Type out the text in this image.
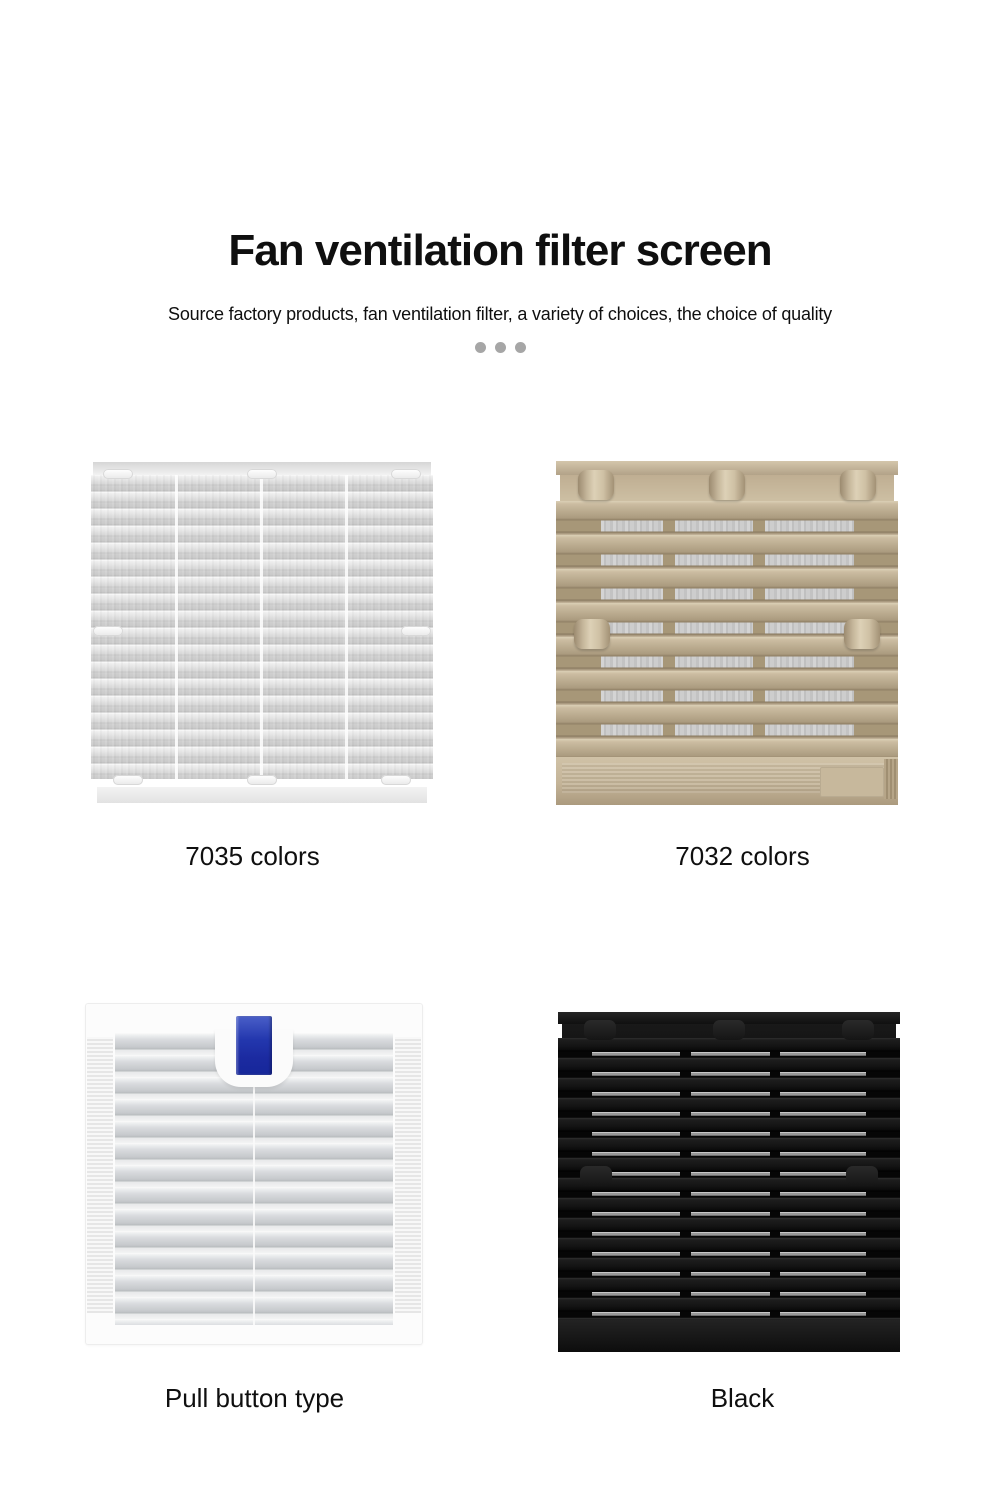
Fan ventilation filter screen

Source factory products, fan ventilation filter, a variety of choices, the choice of quality

7035 colors	7032 colors
Pull button type	Black
